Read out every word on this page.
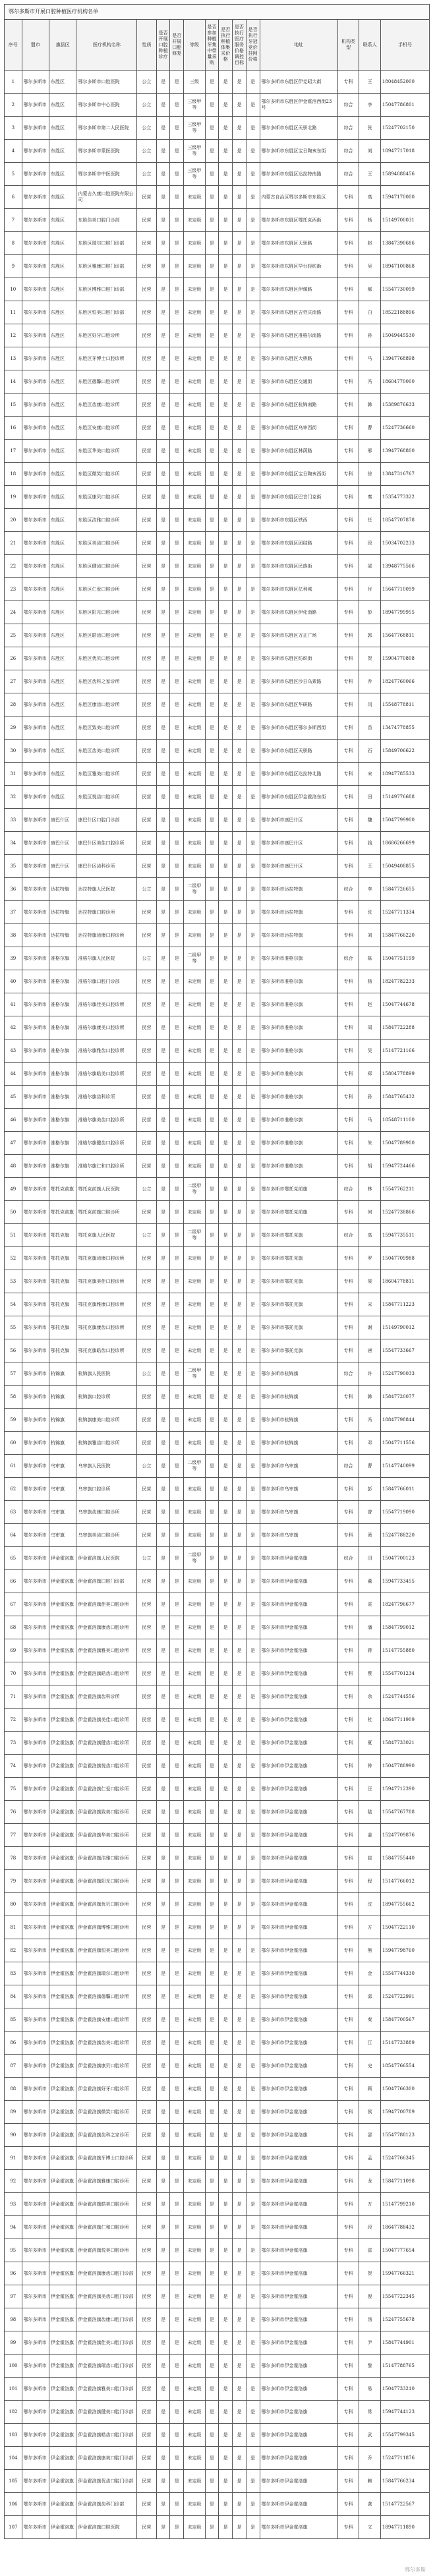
鄂尔多斯市开展口腔种植医疗机构名单
序号	盟市	旗县区	医疗机构名称	性质	是否开展口腔种植诊疗	是否开展口腔修复	等级	是否参加种植牙集中带量采购	是否执行种植体集采价格	是否执行医疗服务价格调控目标	是否执行牙冠竞价挂网价格	地址	机构类型	联系人	手机号
1	鄂尔多斯市	东胜区	鄂尔多斯市口腔医院	公立	是	是	三级	是	是	是	是	鄂尔多斯市东胜区伊克昭大街	专科	王	18048452000
2	鄂尔多斯市	东胜区	鄂尔多斯市中心医院	公立	是	是	三级甲等	是	是	是	是	鄂尔多斯市东胜区伊金霍洛西街23号	综合	李	15047786801
3	鄂尔多斯市	东胜区	鄂尔多斯市第二人民医院	公立	是	是	三级甲等	是	是	是	是	鄂尔多斯市东胜区天骄北路	综合	张	15247702150
4	鄂尔多斯市	东胜区	鄂尔多斯市蒙医医院	公立	是	是	三级甲等	是	是	是	是	鄂尔多斯市东胜区宝日陶亥东街	综合	刘	18947717018
5	鄂尔多斯市	东胜区	鄂尔多斯市中医医院	公立	是	是	三级甲等	是	是	是	是	鄂尔多斯市东胜区达拉特南路	综合	王	15894888456
6	鄂尔多斯市	东胜区	内蒙古久康口腔医院有限公司	民营	是	是	未定级	是	是	是	是	内蒙古自治区鄂尔多斯市东胜区	专科	高	15947170000
7	鄂尔多斯市	东胜区	东胜佳美口腔门诊部	民营	是	是	未定级	是	是	是	是	鄂尔多斯市东胜区鄂托克西街	专科	杨	15149700031
8	鄂尔多斯市	东胜区	东胜区瑞尔口腔门诊部	民营	是	是	未定级	是	是	是	是	鄂尔多斯市东胜区天骄路	专科	赵	13847390686
9	鄂尔多斯市	东胜区	东胜区雅康口腔门诊部	民营	是	是	未定级	是	是	是	是	鄂尔多斯市东胜区罕台轻纺街	专科	吴	18947100868
10	鄂尔多斯市	东胜区	东胜区博雅口腔门诊部	民营	是	是	未定级	是	是	是	是	鄂尔多斯市东胜区伊煤路	专科	郝	15547730099
11	鄂尔多斯市	东胜区	东胜区恒美口腔门诊部	民营	是	是	未定级	是	是	是	是	鄂尔多斯市东胜区吉劳庆南路	专科	白	18522188896
12	鄂尔多斯市	东胜区	东胜区好牙口腔诊所	民营	是	是	未定级	是	是	是	是	鄂尔多斯市东胜区准格尔南路	专科	孙	15049445530
13	鄂尔多斯市	东胜区	东胜区牙博士口腔诊所	民营	是	是	未定级	是	是	是	是	鄂尔多斯市东胜区大桥路	专科	马	13947768898
14	鄂尔多斯市	东胜区	东胜区德馨口腔诊所	民营	是	是	未定级	是	是	是	是	鄂尔多斯市东胜区交通街	专科	冯	18604770000
15	鄂尔多斯市	东胜区	东胜区齿康口腔诊所	民营	是	是	未定级	是	是	是	是	鄂尔多斯市东胜区杭锦南路	专科	韩	15389876633
16	鄂尔多斯市	东胜区	东胜区安康口腔诊所	民营	是	是	未定级	是	是	是	是	鄂尔多斯市东胜区乌审西街	专科	曹	15247736660
17	鄂尔多斯市	东胜区	东胜区华美口腔诊所	民营	是	是	未定级	是	是	是	是	鄂尔多斯市东胜区林荫路	专科	邢	13947768800
18	鄂尔多斯市	东胜区	东胜区微笑口腔诊所	民营	是	是	未定级	是	是	是	是	鄂尔多斯市东胜区宝日陶亥西街	专科	徐	13847316767
19	鄂尔多斯市	东胜区	东胜区康贝口腔诊所	民营	是	是	未定级	是	是	是	是	鄂尔多斯市东胜区巴音门克街	专科	秦	15354773322
20	鄂尔多斯市	东胜区	东胜区洁雅口腔诊所	民营	是	是	未定级	是	是	是	是	鄂尔多斯市东胜区铁西	专科	任	18547707878
21	鄂尔多斯市	东胜区	东胜区美齿口腔诊所	民营	是	是	未定级	是	是	是	是	鄂尔多斯市东胜区团结路	专科	段	15034702233
22	鄂尔多斯市	东胜区	东胜区健齿口腔诊所	民营	是	是	未定级	是	是	是	是	鄂尔多斯市东胜区民族街	专科	邵	13948775566
23	鄂尔多斯市	东胜区	东胜区仁爱口腔诊所	民营	是	是	未定级	是	是	是	是	鄂尔多斯市东胜区亿利城	专科	付	15647710099
24	鄂尔多斯市	东胜区	东胜区阳光口腔诊所	民营	是	是	未定级	是	是	是	是	鄂尔多斯市东胜区伊化南路	专科	彭	18947799955
25	鄂尔多斯市	东胜区	东胜区皓齿口腔诊所	民营	是	是	未定级	是	是	是	是	鄂尔多斯市东胜区万正广场	专科	郭	15647768811
26	鄂尔多斯市	东胜区	东胜区优贝口腔诊所	民营	是	是	未定级	是	是	是	是	鄂尔多斯市东胜区纺织街	专科	贺	15904770808
27	鄂尔多斯市	东胜区	东胜区齿科之家诊所	民营	是	是	未定级	是	是	是	是	鄂尔多斯市东胜区沙日乌素路	专科	乔	18247760066
28	鄂尔多斯市	东胜区	东胜区康齿口腔诊所	民营	是	是	未定级	是	是	是	是	鄂尔多斯市东胜区华研路	专科	闫	15548778811
29	鄂尔多斯市	东胜区	东胜区致美口腔诊所	民营	是	是	未定级	是	是	是	是	鄂尔多斯市东胜区鄂尔多斯西街	专科	苗	13474778855
30	鄂尔多斯市	东胜区	东胜区齿美口腔诊所	民营	是	是	未定级	是	是	是	是	鄂尔多斯市东胜区天骄路	专科	石	15849706622
31	鄂尔多斯市	东胜区	东胜区雅美口腔诊所	民营	是	是	未定级	是	是	是	是	鄂尔多斯市东胜区达拉特北路	专科	宋	18947785533
32	鄂尔多斯市	东胜区	东胜区悦齿口腔诊所	民营	是	是	未定级	是	是	是	是	鄂尔多斯市东胜区伊金霍洛东街	专科	田	15149776688
33	鄂尔多斯市	康巴什区	康巴什区口腔门诊部	民营	是	是	未定级	是	是	是	是	鄂尔多斯市康巴什区	专科	魏	15047799900
34	鄂尔多斯市	康巴什区	康巴什区美佳口腔诊所	民营	是	是	未定级	是	是	是	是	鄂尔多斯市康巴什区	专科	钱	18686266699
35	鄂尔多斯市	康巴什区	康巴什区齿科诊所	民营	是	是	未定级	是	是	是	是	鄂尔多斯市康巴什区	专科	王	15049408855
36	鄂尔多斯市	达拉特旗	达拉特旗人民医院	公立	是	是	二级甲等	是	是	是	是	鄂尔多斯市达拉特旗	综合	李	15847726655
37	鄂尔多斯市	达拉特旗	达拉特旗口腔诊所	民营	是	是	未定级	是	是	是	是	鄂尔多斯市达拉特旗	专科	张	15247711334
38	鄂尔多斯市	达拉特旗	达拉特旗齿康口腔诊所	民营	是	是	未定级	是	是	是	是	鄂尔多斯市达拉特旗	专科	刘	15847766220
39	鄂尔多斯市	准格尔旗	准格尔旗人民医院	公立	是	是	二级甲等	是	是	是	是	鄂尔多斯市准格尔旗	综合	陈	15047751199
40	鄂尔多斯市	准格尔旗	准格尔旗口腔门诊部	民营	是	是	未定级	是	是	是	是	鄂尔多斯市准格尔旗	专科	杨	18247782233
41	鄂尔多斯市	准格尔旗	准格尔旗佳美口腔诊所	民营	是	是	未定级	是	是	是	是	鄂尔多斯市准格尔旗	专科	赵	15047744678
42	鄂尔多斯市	准格尔旗	准格尔旗康美口腔诊所	民营	是	是	未定级	是	是	是	是	鄂尔多斯市准格尔旗	专科	周	15847722288
43	鄂尔多斯市	准格尔旗	准格尔旗雅齿口腔诊所	民营	是	是	未定级	是	是	是	是	鄂尔多斯市准格尔旗	专科	吴	15147721166
44	鄂尔多斯市	准格尔旗	准格尔旗皓美口腔诊所	民营	是	是	未定级	是	是	是	是	鄂尔多斯市准格尔旗	专科	郑	15804778899
45	鄂尔多斯市	准格尔旗	准格尔旗齿科诊所	民营	是	是	未定级	是	是	是	是	鄂尔多斯市准格尔旗	专科	孙	15847765432
46	鄂尔多斯市	准格尔旗	准格尔旗美齿口腔诊所	民营	是	是	未定级	是	是	是	是	鄂尔多斯市准格尔旗	专科	马	18548711100
47	鄂尔多斯市	准格尔旗	准格尔旗健齿口腔诊所	民营	是	是	未定级	是	是	是	是	鄂尔多斯市准格尔旗	专科	朱	15047789900
48	鄂尔多斯市	准格尔旗	准格尔旗仁和口腔诊所	民营	是	是	未定级	是	是	是	是	鄂尔多斯市准格尔旗	专科	胡	15947724466
49	鄂尔多斯市	鄂托克前旗	鄂托克前旗人民医院	公立	是	是	二级甲等	是	是	是	是	鄂尔多斯市鄂托克前旗	综合	林	15547762211
50	鄂尔多斯市	鄂托克前旗	鄂托克前旗口腔诊所	民营	是	是	未定级	是	是	是	是	鄂尔多斯市鄂托克前旗	专科	何	15247738866
51	鄂尔多斯市	鄂托克旗	鄂托克旗人民医院	公立	是	是	二级甲等	是	是	是	是	鄂尔多斯市鄂托克旗	综合	高	15947735511
52	鄂尔多斯市	鄂托克旗	鄂托克旗齿康口腔诊所	民营	是	是	未定级	是	是	是	是	鄂尔多斯市鄂托克旗	专科	罗	15047709988
53	鄂尔多斯市	鄂托克旗	鄂托克旗美佳口腔诊所	民营	是	是	未定级	是	是	是	是	鄂尔多斯市鄂托克旗	专科	梁	18604778811
54	鄂尔多斯市	鄂托克旗	鄂托克旗雅康口腔诊所	民营	是	是	未定级	是	是	是	是	鄂尔多斯市鄂托克旗	专科	宋	15847711223
55	鄂尔多斯市	鄂托克旗	鄂托克旗康齿口腔诊所	民营	是	是	未定级	是	是	是	是	鄂尔多斯市鄂托克旗	专科	谢	15149790012
56	鄂尔多斯市	鄂托克旗	鄂托克旗皓齿口腔诊所	民营	是	是	未定级	是	是	是	是	鄂尔多斯市鄂托克旗	专科	唐	15547733667
57	鄂尔多斯市	杭锦旗	杭锦旗人民医院	公立	是	是	二级甲等	是	是	是	是	鄂尔多斯市杭锦旗	综合	许	15247790033
58	鄂尔多斯市	杭锦旗	杭锦旗口腔诊所	民营	是	是	未定级	是	是	是	是	鄂尔多斯市杭锦旗	专科	韩	15847720077
59	鄂尔多斯市	杭锦旗	杭锦旗康美口腔诊所	民营	是	是	未定级	是	是	是	是	鄂尔多斯市杭锦旗	专科	冯	18847798844
60	鄂尔多斯市	杭锦旗	杭锦旗雅齿口腔诊所	民营	是	是	未定级	是	是	是	是	鄂尔多斯市杭锦旗	专科	邓	15047711556
61	鄂尔多斯市	乌审旗	乌审旗人民医院	公立	是	是	二级甲等	是	是	是	是	鄂尔多斯市乌审旗	综合	曹	15147740099
62	鄂尔多斯市	乌审旗	乌审旗口腔诊所	民营	是	是	未定级	是	是	是	是	鄂尔多斯市乌审旗	专科	彭	15847766011
63	鄂尔多斯市	乌审旗	乌审旗齿康口腔诊所	民营	是	是	未定级	是	是	是	是	鄂尔多斯市乌审旗	专科	曾	15547719090
64	鄂尔多斯市	乌审旗	乌审旗美齿口腔诊所	民营	是	是	未定级	是	是	是	是	鄂尔多斯市乌审旗	专科	萧	15247788220
65	鄂尔多斯市	伊金霍洛旗	伊金霍洛旗人民医院	公立	是	是	二级甲等	是	是	是	是	鄂尔多斯市伊金霍洛旗	综合	田	15047700123
66	鄂尔多斯市	伊金霍洛旗	伊金霍洛旗口腔门诊部	民营	是	是	未定级	是	是	是	是	鄂尔多斯市伊金霍洛旗	专科	董	15947733455
67	鄂尔多斯市	伊金霍洛旗	伊金霍洛旗佳美口腔诊所	民营	是	是	未定级	是	是	是	是	鄂尔多斯市伊金霍洛旗	专科	袁	18247796677
68	鄂尔多斯市	伊金霍洛旗	伊金霍洛旗康齿口腔诊所	民营	是	是	未定级	是	是	是	是	鄂尔多斯市伊金霍洛旗	专科	潘	15847799012
69	鄂尔多斯市	伊金霍洛旗	伊金霍洛旗雅美口腔诊所	民营	是	是	未定级	是	是	是	是	鄂尔多斯市伊金霍洛旗	专科	蒋	15147755880
70	鄂尔多斯市	伊金霍洛旗	伊金霍洛旗皓齿口腔诊所	民营	是	是	未定级	是	是	是	是	鄂尔多斯市伊金霍洛旗	专科	蔡	15547701234
71	鄂尔多斯市	伊金霍洛旗	伊金霍洛旗齿科诊所	民营	是	是	未定级	是	是	是	是	鄂尔多斯市伊金霍洛旗	专科	余	15247744556
72	鄂尔多斯市	伊金霍洛旗	伊金霍洛旗美佳口腔诊所	民营	是	是	未定级	是	是	是	是	鄂尔多斯市伊金霍洛旗	专科	杜	18647711909
73	鄂尔多斯市	伊金霍洛旗	伊金霍洛旗健齿口腔诊所	民营	是	是	未定级	是	是	是	是	鄂尔多斯市伊金霍洛旗	专科	夏	15847733021
74	鄂尔多斯市	伊金霍洛旗	伊金霍洛旗悦齿口腔诊所	民营	是	是	未定级	是	是	是	是	鄂尔多斯市伊金霍洛旗	专科	钟	15047788990
75	鄂尔多斯市	伊金霍洛旗	伊金霍洛旗仁爱口腔诊所	民营	是	是	未定级	是	是	是	是	鄂尔多斯市伊金霍洛旗	专科	汪	15947712390
76	鄂尔多斯市	伊金霍洛旗	伊金霍洛旗致美口腔诊所	民营	是	是	未定级	是	是	是	是	鄂尔多斯市伊金霍洛旗	专科	陆	15547767788
77	鄂尔多斯市	伊金霍洛旗	伊金霍洛旗华美口腔诊所	民营	是	是	未定级	是	是	是	是	鄂尔多斯市伊金霍洛旗	专科	姜	15247709876
78	鄂尔多斯市	伊金霍洛旗	伊金霍洛旗洁雅口腔诊所	民营	是	是	未定级	是	是	是	是	鄂尔多斯市伊金霍洛旗	专科	崔	15847755440
79	鄂尔多斯市	伊金霍洛旗	伊金霍洛旗阳光口腔诊所	民营	是	是	未定级	是	是	是	是	鄂尔多斯市伊金霍洛旗	专科	程	15147766012
80	鄂尔多斯市	伊金霍洛旗	伊金霍洛旗优贝口腔诊所	民营	是	是	未定级	是	是	是	是	鄂尔多斯市伊金霍洛旗	专科	沈	18947755662
81	鄂尔多斯市	伊金霍洛旗	伊金霍洛旗博雅口腔诊所	民营	是	是	未定级	是	是	是	是	鄂尔多斯市伊金霍洛旗	专科	方	15047722110
82	鄂尔多斯市	伊金霍洛旗	伊金霍洛旗恒美口腔诊所	民营	是	是	未定级	是	是	是	是	鄂尔多斯市伊金霍洛旗	专科	熊	15947798760
83	鄂尔多斯市	伊金霍洛旗	伊金霍洛旗瑞尔口腔诊所	民营	是	是	未定级	是	是	是	是	鄂尔多斯市伊金霍洛旗	专科	金	15547744330
84	鄂尔多斯市	伊金霍洛旗	伊金霍洛旗德馨口腔诊所	民营	是	是	未定级	是	是	是	是	鄂尔多斯市伊金霍洛旗	专科	邱	15247722991
85	鄂尔多斯市	伊金霍洛旗	伊金霍洛旗安康口腔诊所	民营	是	是	未定级	是	是	是	是	鄂尔多斯市伊金霍洛旗	专科	秦	15847700567
86	鄂尔多斯市	伊金霍洛旗	伊金霍洛旗齿美口腔诊所	民营	是	是	未定级	是	是	是	是	鄂尔多斯市伊金霍洛旗	专科	江	15147733889
87	鄂尔多斯市	伊金霍洛旗	伊金霍洛旗康贝口腔诊所	民营	是	是	未定级	是	是	是	是	鄂尔多斯市伊金霍洛旗	专科	史	18547766554
88	鄂尔多斯市	伊金霍洛旗	伊金霍洛旗好牙口腔诊所	民营	是	是	未定级	是	是	是	是	鄂尔多斯市伊金霍洛旗	专科	顾	15047766300
89	鄂尔多斯市	伊金霍洛旗	伊金霍洛旗微笑口腔诊所	民营	是	是	未定级	是	是	是	是	鄂尔多斯市伊金霍洛旗	专科	侯	15947700789
90	鄂尔多斯市	伊金霍洛旗	伊金霍洛旗齿科之家诊所	民营	是	是	未定级	是	是	是	是	鄂尔多斯市伊金霍洛旗	专科	邵	15547788123
91	鄂尔多斯市	伊金霍洛旗	伊金霍洛旗牙博士口腔诊所	民营	是	是	未定级	是	是	是	是	鄂尔多斯市伊金霍洛旗	专科	孟	15247766345
92	鄂尔多斯市	伊金霍洛旗	伊金霍洛旗雅康口腔诊所	民营	是	是	未定级	是	是	是	是	鄂尔多斯市伊金霍洛旗	专科	龙	15847711098
93	鄂尔多斯市	伊金霍洛旗	伊金霍洛旗皓美口腔诊所	民营	是	是	未定级	是	是	是	是	鄂尔多斯市伊金霍洛旗	专科	万	15147799210
94	鄂尔多斯市	伊金霍洛旗	伊金霍洛旗仁和口腔诊所	民营	是	是	未定级	是	是	是	是	鄂尔多斯市伊金霍洛旗	专科	段	18647788432
95	鄂尔多斯市	伊金霍洛旗	伊金霍洛旗悦美口腔诊所	民营	是	是	未定级	是	是	是	是	鄂尔多斯市伊金霍洛旗	专科	雷	15047777654
96	鄂尔多斯市	伊金霍洛旗	伊金霍洛旗康齿口腔门诊部	民营	是	是	未定级	是	是	是	是	鄂尔多斯市伊金霍洛旗	专科	贺	15947766321
97	鄂尔多斯市	伊金霍洛旗	伊金霍洛旗美齿口腔门诊部	民营	是	是	未定级	是	是	是	是	鄂尔多斯市伊金霍洛旗	专科	倪	15547722345
98	鄂尔多斯市	伊金霍洛旗	伊金霍洛旗齿康口腔门诊部	民营	是	是	未定级	是	是	是	是	鄂尔多斯市伊金霍洛旗	专科	汤	15247755678
99	鄂尔多斯市	伊金霍洛旗	伊金霍洛旗佳美口腔门诊部	民营	是	是	未定级	是	是	是	是	鄂尔多斯市伊金霍洛旗	专科	尹	15847744901
100	鄂尔多斯市	伊金霍洛旗	伊金霍洛旗瑞齿口腔门诊部	民营	是	是	未定级	是	是	是	是	鄂尔多斯市伊金霍洛旗	专科	黎	15147788765
101	鄂尔多斯市	伊金霍洛旗	伊金霍洛旗雅美口腔门诊部	民营	是	是	未定级	是	是	是	是	鄂尔多斯市伊金霍洛旗	专科	易	15047733210
102	鄂尔多斯市	伊金霍洛旗	伊金霍洛旗健美口腔门诊部	民营	是	是	未定级	是	是	是	是	鄂尔多斯市伊金霍洛旗	专科	常	15947744123
103	鄂尔多斯市	伊金霍洛旗	伊金霍洛旗皓齿口腔门诊部	民营	是	是	未定级	是	是	是	是	鄂尔多斯市伊金霍洛旗	专科	武	15547799345
104	鄂尔多斯市	伊金霍洛旗	伊金霍洛旗康美口腔门诊部	民营	是	是	未定级	是	是	是	是	鄂尔多斯市伊金霍洛旗	专科	乔	15247711876
105	鄂尔多斯市	伊金霍洛旗	伊金霍洛旗优齿口腔门诊部	民营	是	是	未定级	是	是	是	是	鄂尔多斯市伊金霍洛旗	专科	赖	15847766234
106	鄂尔多斯市	伊金霍洛旗	伊金霍洛旗齿科门诊部	民营	是	是	未定级	是	是	是	是	鄂尔多斯市伊金霍洛旗	专科	龚	15147722567
107	鄂尔多斯市	伊金霍洛旗	伊金霍洛旗口腔医院	民营	是	是	未定级	是	是	是	是	鄂尔多斯市伊金霍洛旗	专科	文	18947711890
鄂尔多斯
